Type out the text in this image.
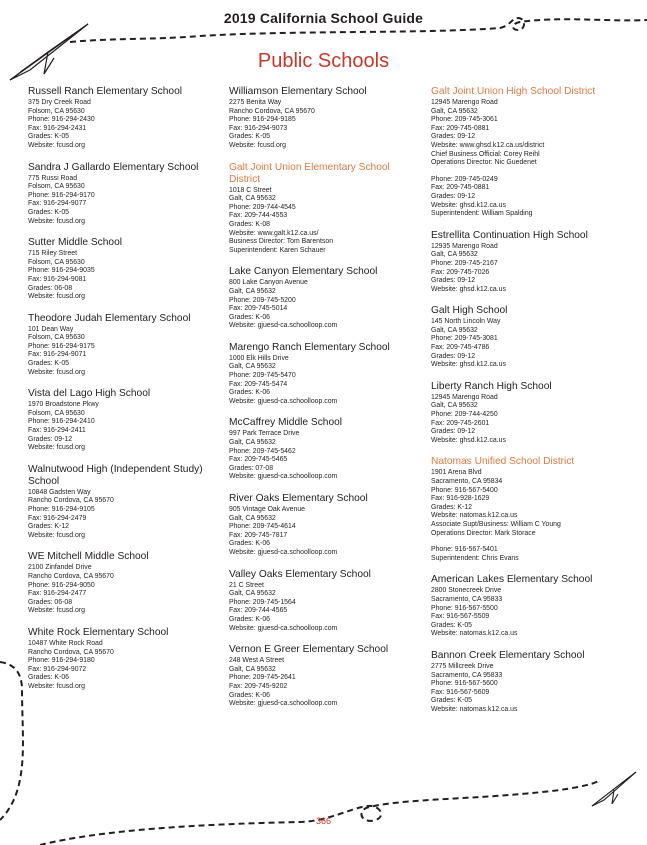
2019 California School Guide
Public Schools
Russell Ranch Elementary School
375 Dry Creek Road
Folsom, CA 95630
Phone: 916-294-2430
Fax: 916-294-2431
Grades: K-05
Website: fcusd.org
Sandra J Gallardo Elementary School
775 Russi Road
Folsom, CA 95630
Phone: 916-294-9170
Fax: 916-294-9077
Grades: K-05
Website: fcusd.org
Sutter Middle School
715 Riley Street
Folsom, CA 95630
Phone: 916-294-9035
Fax: 916-294-9081
Grades: 06-08
Website: fcusd.org
Theodore Judah Elementary School
101 Dean Way
Folsom, CA 95630
Phone: 916-294-9175
Fax: 916-294-9071
Grades: K-05
Website: fcusd.org
Vista del Lago High School
1970 Broadstone Pkwy
Folsom, CA 95630
Phone: 916-294-2410
Fax: 916-294-2411
Grades: 09-12
Website: fcusd.org
Walnutwood High (Independent Study) School
10848 Gadsten Way
Rancho Cordova, CA 95670
Phone: 916-294-9105
Fax: 916-294-2479
Grades: K-12
Website: fcusd.org
WE Mitchell Middle School
2100 Zinfandel Drive
Rancho Cordova, CA 95670
Phone: 916-294-9050
Fax: 916-294-2477
Grades: 06-08
Website: fcusd.org
White Rock Elementary School
10487 White Rock Road
Rancho Cordova, CA 95670
Phone: 916-294-9180
Fax: 916-294-9072
Grades: K-06
Website: fcusd.org
Williamson Elementary School
2275 Benita Way
Rancho Cordova, CA 95670
Phone: 916-294-9185
Fax: 916-294-9073
Grades: K-05
Website: fcusd.org
Galt Joint Union Elementary School District
1018 C Street
Galt, CA 95632
Phone: 209-744-4545
Fax: 209-744-4553
Grades: K-08
Website: www.galt.k12.ca.us/
Business Director: Tom Barentson
Superintendent: Karen Schauer
Lake Canyon Elementary School
800 Lake Canyon Avenue
Galt, CA 95632
Phone: 209-745-5200
Fax: 209-745-5014
Grades: K-06
Website: gjuesd-ca.schoolloop.com
Marengo Ranch Elementary School
1000 Elk Hills Drive
Galt, CA 95632
Phone: 209-745-5470
Fax: 209-745-5474
Grades: K-06
Website: gjuesd-ca.schoolloop.com
McCaffrey Middle School
997 Park Terrace Drive
Galt, CA 95632
Phone: 209-745-5462
Fax: 209-745-5465
Grades: 07-08
Website: gjuesd-ca.schoolloop.com
River Oaks Elementary School
905 Vintage Oak Avenue
Galt, CA 95632
Phone: 209-745-4614
Fax: 209-745-7817
Grades: K-06
Website: gjuesd-ca.schoolloop.com
Valley Oaks Elementary School
21 C Street
Galt, CA 95632
Phone: 209-745-1564
Fax: 209-744-4565
Grades: K-06
Website: gjuesd-ca.schoolloop.com
Vernon E Greer Elementary School
248 West A Street
Galt, CA 95632
Phone: 209-745-2641
Fax: 209-745-9202
Grades: K-06
Website: gjuesd-ca.schoolloop.com
Galt Joint Union High School District
12945 Marengo Road
Galt, CA 95632
Phone: 209-745-3061
Fax: 209-745-0881
Grades: 09-12
Website: www.ghsd.k12.ca.us/district
Chief Business Official: Corey Reihl
Operations Director: Nic Guedenet
Phone: 209-745-0249
Fax: 209-745-0881
Grades: 09-12
Website: ghsd.k12.ca.us
Superintendent: William Spalding
Estrellita Continuation High School
12935 Marengo Road
Galt, CA 95632
Phone: 209-745-2167
Fax: 209-745-7026
Grades: 09-12
Website: ghsd.k12.ca.us
Galt High School
145 North Lincoln Way
Galt, CA 95632
Phone: 209-745-3081
Fax: 209-745-4786
Grades: 09-12
Website: ghsd.k12.ca.us
Liberty Ranch High School
12945 Marengo Road
Galt, CA 95632
Phone: 209-744-4250
Fax: 209-745-2601
Grades: 09-12
Website: ghsd.k12.ca.us
Natomas Unified School District
1901 Arena Blvd
Sacramento, CA 95834
Phone: 916-567-5400
Fax: 916-928-1629
Grades: K-12
Website: natomas.k12.ca.us
Associate Supt/Business: William C Young
Operations Director: Mark Storace
Phone: 916-567-5401
Superintendent: Chris Evans
American Lakes Elementary School
2800 Stonecreek Drive
Sacramento, CA 95833
Phone: 916-567-5500
Fax: 916-567-5509
Grades: K-05
Website: natomas.k12.ca.us
Bannon Creek Elementary School
2775 Millcreek Drive
Sacramento, CA 95833
Phone: 916-567-5600
Fax: 916-567-5609
Grades: K-05
Website: natomas.k12.ca.us
366
